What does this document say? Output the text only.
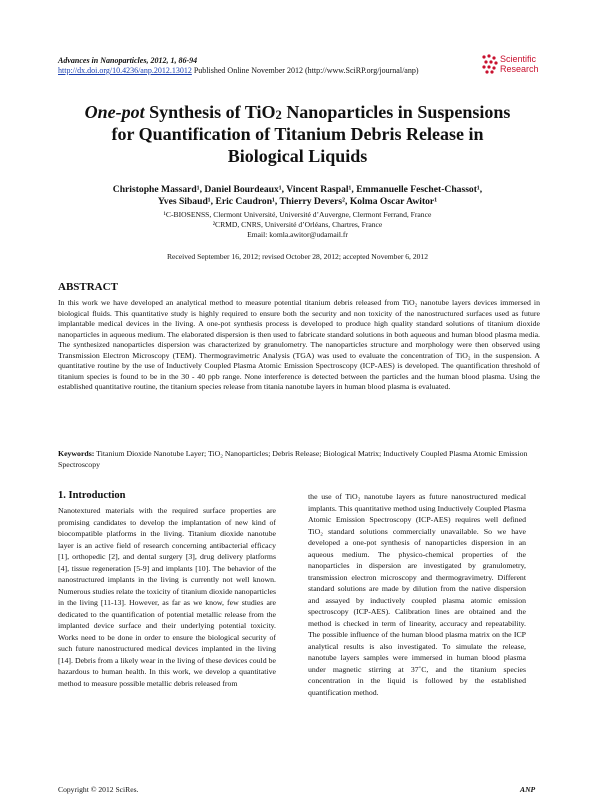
Advances in Nanoparticles, 2012, 1, 86-94
http://dx.doi.org/10.4236/anp.2012.13012 Published Online November 2012 (http://www.SciRP.org/journal/anp)
Scientific
Research
One-pot Synthesis of TiO$_2$ Nanoparticles in Suspensions
for Quantification of Titanium Debris Release in
Biological Liquids
Christophe Massard¹, Daniel Bourdeaux¹, Vincent Raspal¹, Emmanuelle Feschet-Chassot¹,
Yves Sibaud¹, Eric Caudron¹, Thierry Devers², Kolma Oscar Awitor¹
¹C-BIOSENSS, Clermont Université, Université d’Auvergne, Clermont Ferrand, France
²CRMD, CNRS, Université d’Orléans, Chartres, France
Email: komla.awitor@udamail.fr
Received September 16, 2012; revised October 28, 2012; accepted November 6, 2012
ABSTRACT
In this work we have developed an analytical method to measure potential titanium debris released from TiO₂ nanotube layers devices immersed in biological fluids. This quantitative study is highly required to ensure both the security and non toxicity of the nanostructured surfaces used as future implantable medical devices in the living. A one-pot synthesis process is developed to produce high quality standard solutions of titanium dioxide nanoparticles in aqueous medium. The elaborated dispersion is then used to fabricate standard solutions in both aqueous and human blood plasma media. The synthesized nanoparticles dispersion was characterized by granulometry. The nanoparticles structure and morphology were then observed using Transmission Electron Microscopy (TEM). Thermogravimetric Analysis (TGA) was used to evaluate the concentration of TiO₂ in the suspension. A quantitative routine by the use of Inductively Coupled Plasma Atomic Emission Spectroscopy (ICP-AES) is developed. The quantification threshold of titanium species is found to be in the 30 - 40 ppb range. None interference is detected between the particles and the human blood plasma. Using the established quantitative routine, the titanium species release from titania nanotube layers in human blood plasma is evaluated.
Keywords: Titanium Dioxide Nanotube Layer; TiO₂ Nanoparticles; Debris Release; Biological Matrix; Inductively Coupled Plasma Atomic Emission Spectroscopy
1. Introduction
Nanotextured materials with the required surface properties are promising candidates to develop the implantation of new kind of biocompatible platforms in the living. Titanium dioxide nanotube layer is an active field of research concerning antibacterial efficacy [1], orthopedic [2], and dental surgery [3], drug delivery platforms [4], tissue regeneration [5-9] and implants [10]. The behavior of the nanostructured implants in the living is currently not well known. Numerous studies relate the toxicity of titanium dioxide nanoparticles in the living [11-13]. However, as far as we know, few studies are dedicated to the quantification of potential metallic release from the implanted device surface and their underlying potential toxicity. Works need to be done in order to ensure the biological security of such future nanostructured medical devices implanted in the living [14]. Debris from a likely wear in the living of these devices could be hazardous to human health. In this work, we develop a quantitative method to measure possible metallic debris released from
the use of TiO₂ nanotube layers as future nanostructured medical implants. This quantitative method using Inductively Coupled Plasma Atomic Emission Spectroscopy (ICP-AES) requires well defined TiO₂ standard solutions commercially unavailable. So we have developed a one-pot synthesis of nanoparticles dispersion in an aqueous medium. The physico-chemical properties of the nanoparticles in dispersion are investigated by granulometry, transmission electron microscopy and thermogravimetry. Different standard solutions are made by dilution from the native dispersion and assayed by inductively coupled plasma atomic emission spectroscopy (ICP-AES). Calibration lines are obtained and the method is checked in term of linearity, accuracy and repeatability. The possible influence of the human blood plasma matrix on the ICP analytical results is also investigated. To simulate the release, nanotube layers samples were immersed in human blood plasma under magnetic stirring at 37˚C, and the titanium species concentration in the liquid is followed by the established quantification method.
Copyright © 2012 SciRes.	ANP
